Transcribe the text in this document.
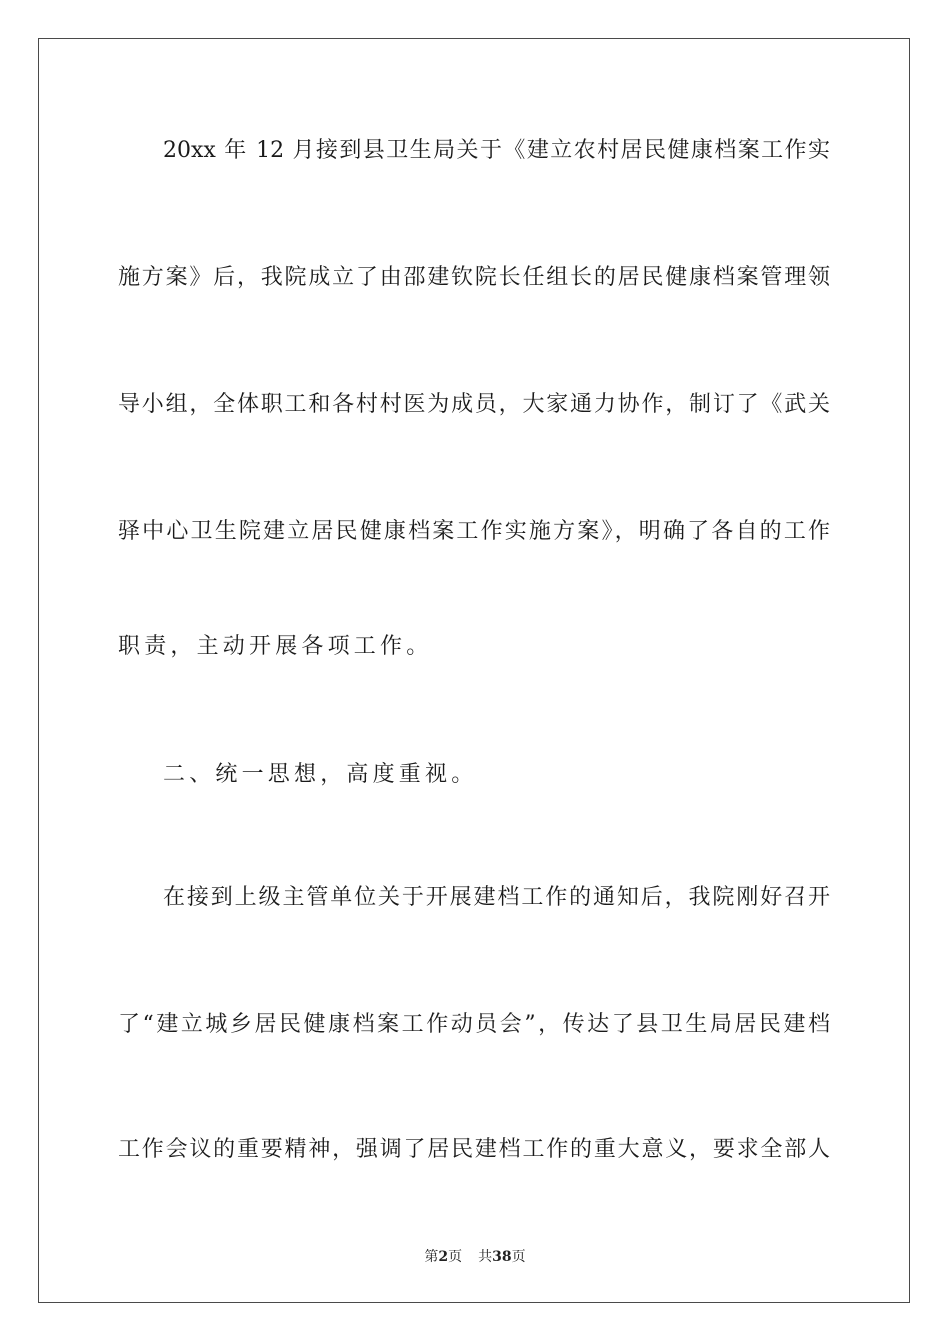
20xx 年 12 月接到县卫生局关于《建立农村居民健康档案工作实
施方案》后，我院成立了由邵建钦院长任组长的居民健康档案管理领
导小组，全体职工和各村村医为成员，大家通力协作，制订了《武关
驿中心卫生院建立居民健康档案工作实施方案》，明确了各自的工作
职责，主动开展各项工作。
二、统一思想，高度重视。
在接到上级主管单位关于开展建档工作的通知后，我院刚好召开
了“建立城乡居民健康档案工作动员会”，传达了县卫生局居民建档
工作会议的重要精神，强调了居民建档工作的重大意义，要求全部人
第2页 共38页
